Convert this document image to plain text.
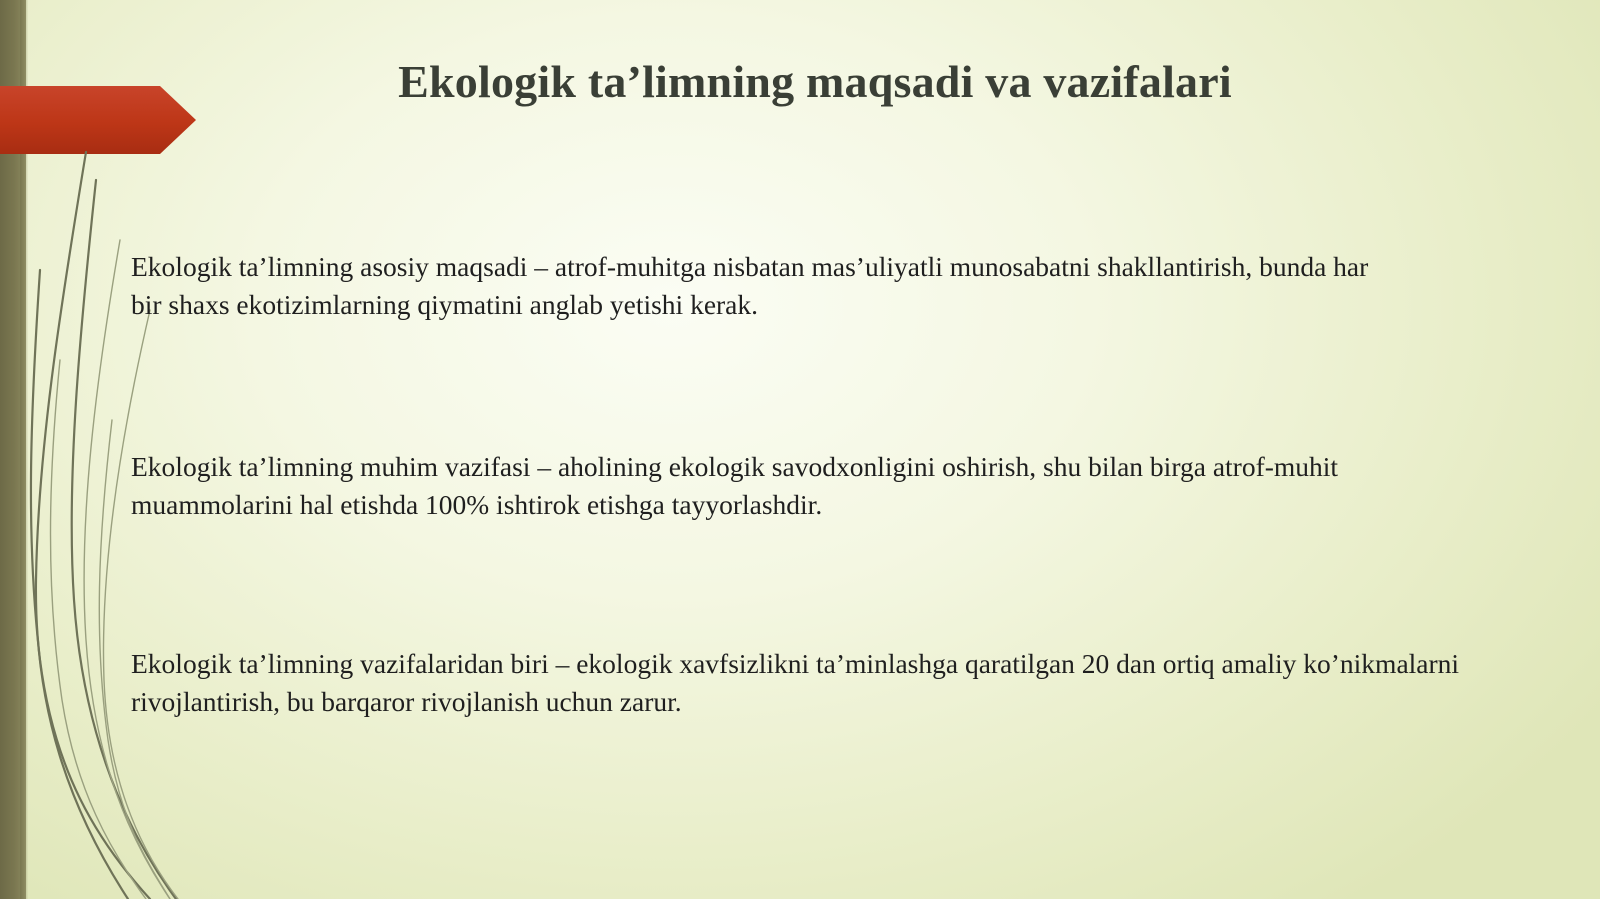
Ekologik ta’limning maqsadi va vazifalari
Ekologik ta’limning asosiy maqsadi – atrof-muhitga nisbatan mas’uliyatli munosabatni shakllantirish, bunda har bir shaxs ekotizimlarning qiymatini anglab yetishi kerak.
Ekologik ta’limning muhim vazifasi – aholining ekologik savodxonligini oshirish, shu bilan birga atrof-muhit muammolarini hal etishda 100% ishtirok etishga tayyorlashdir.
Ekologik ta’limning vazifalaridan biri – ekologik xavfsizlikni ta’minlashga qaratilgan 20 dan ortiq amaliy ko’nikmalarni rivojlantirish, bu barqaror rivojlanish uchun zarur.
